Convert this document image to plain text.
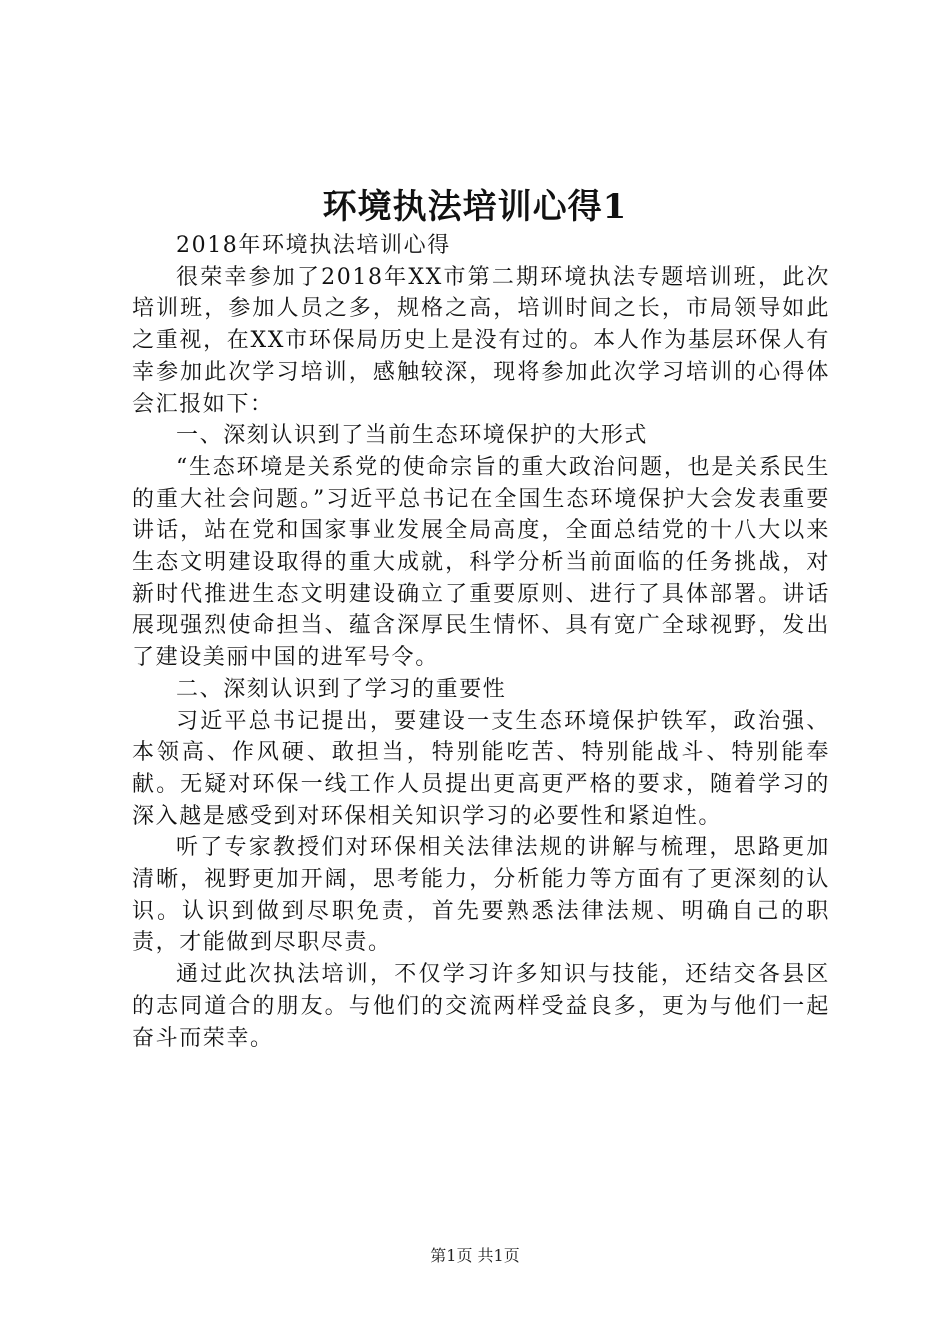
环境执法培训心得1

2018年环境执法培训心得

很荣幸参加了2018年XX市第二期环境执法专题培训班，此次培训班，参加人员之多，规格之高，培训时间之长，市局领导如此之重视，在XX市环保局历史上是没有过的。本人作为基层环保人有幸参加此次学习培训，感触较深，现将参加此次学习培训的心得体会汇报如下：

一、深刻认识到了当前生态环境保护的大形式

“生态环境是关系党的使命宗旨的重大政治问题，也是关系民生的重大社会问题。”习近平总书记在全国生态环境保护大会发表重要讲话，站在党和国家事业发展全局高度，全面总结党的十八大以来生态文明建设取得的重大成就，科学分析当前面临的任务挑战，对新时代推进生态文明建设确立了重要原则、进行了具体部署。讲话展现强烈使命担当、蕴含深厚民生情怀、具有宽广全球视野，发出了建设美丽中国的进军号令。

二、深刻认识到了学习的重要性

习近平总书记提出，要建设一支生态环境保护铁军，政治强、本领高、作风硬、敢担当，特别能吃苦、特别能战斗、特别能奉献。无疑对环保一线工作人员提出更高更严格的要求，随着学习的深入越是感受到对环保相关知识学习的必要性和紧迫性。

听了专家教授们对环保相关法律法规的讲解与梳理，思路更加清晰，视野更加开阔，思考能力，分析能力等方面有了更深刻的认识。认识到做到尽职免责，首先要熟悉法律法规、明确自己的职责，才能做到尽职尽责。

通过此次执法培训，不仅学习许多知识与技能，还结交各县区的志同道合的朋友。与他们的交流两样受益良多，更为与他们一起奋斗而荣幸。

第1页 共1页
